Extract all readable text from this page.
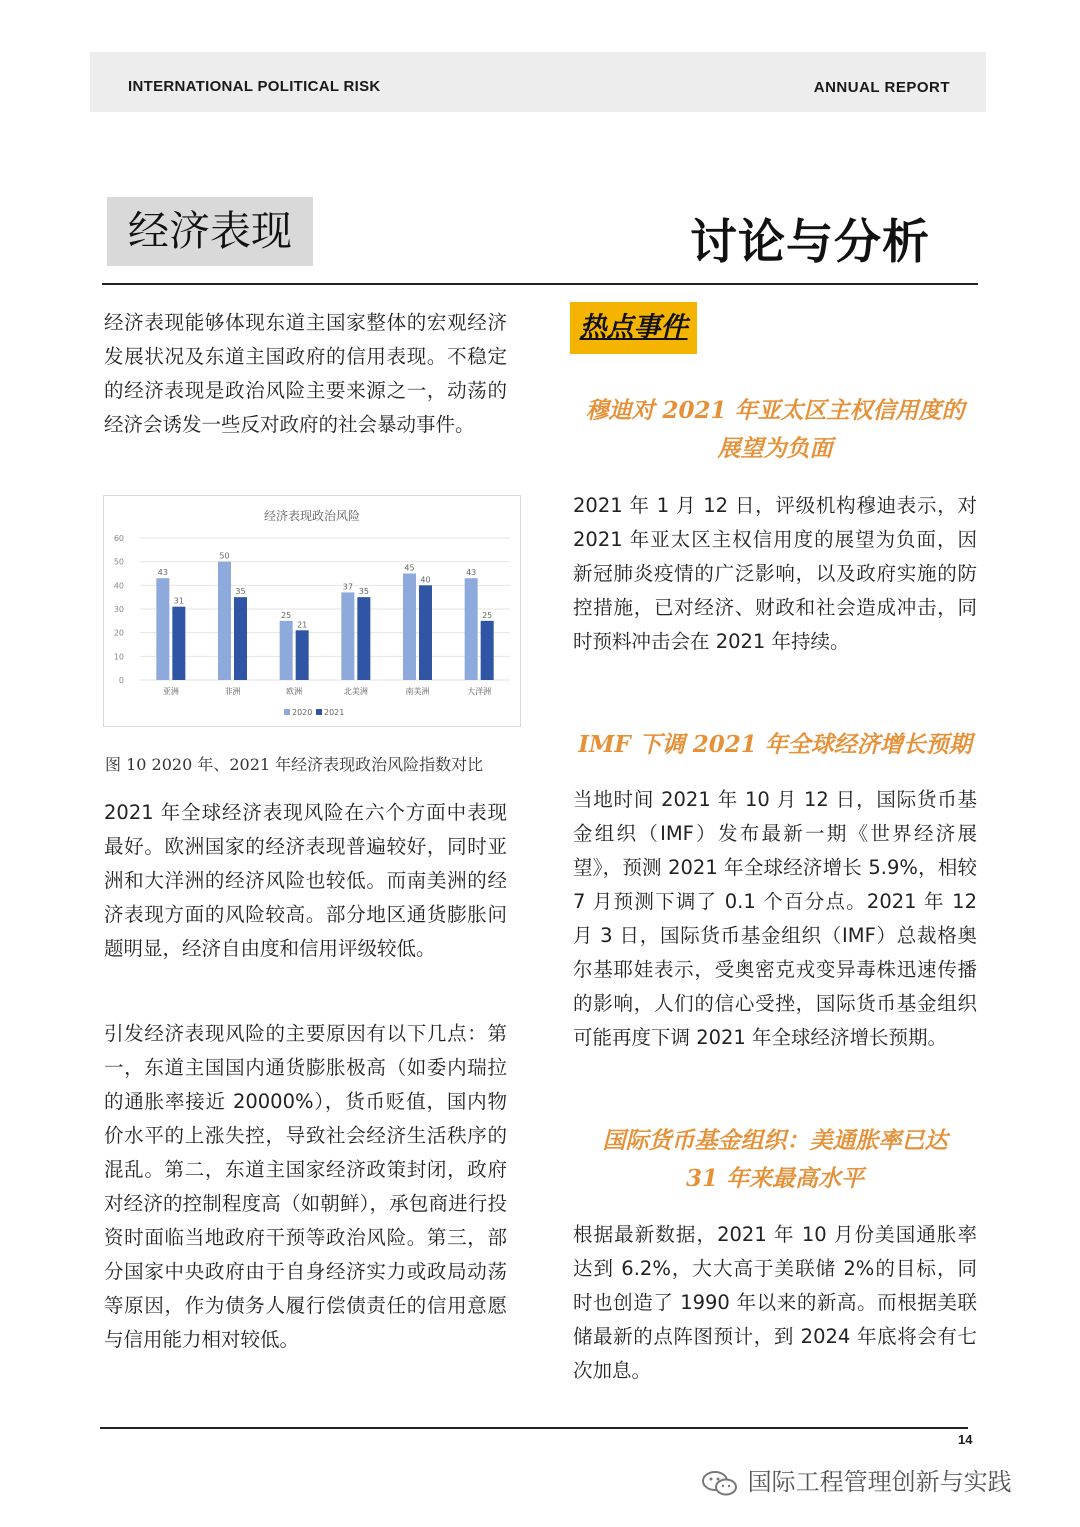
INTERNATIONAL POLITICAL RISK	ANNUAL REPORT
经济表现	讨论与分析
经济表现能够体现东道主国家整体的宏观经济发展状况及东道主国政府的信用表现。不稳定的经济表现是政治风险主要来源之一，动荡的经济会诱发一些反对政府的社会暴动事件。
经济表现政治风险
0
10
20
30
40
50
60
43
31
亚洲
50
35
非洲
25
21
欧洲
37
35
北美洲
45
40
南美洲
43
25
大洋洲
2020 2021
图 10 2020 年、2021 年经济表现政治风险指数对比
2021 年全球经济表现风险在六个方面中表现最好。欧洲国家的经济表现普遍较好，同时亚洲和大洋洲的经济风险也较低。而南美洲的经济表现方面的风险较高。部分地区通货膨胀问题明显，经济自由度和信用评级较低。
引发经济表现风险的主要原因有以下几点：第一，东道主国国内通货膨胀极高（如委内瑞拉的通胀率接近 20000%），货币贬值，国内物价水平的上涨失控，导致社会经济生活秩序的混乱。第二，东道主国家经济政策封闭，政府对经济的控制程度高（如朝鲜），承包商进行投资时面临当地政府干预等政治风险。第三，部分国家中央政府由于自身经济实力或政局动荡等原因，作为债务人履行偿债责任的信用意愿与信用能力相对较低。
热点事件
穆迪对 2021 年亚太区主权信用度的
展望为负面
2021 年 1 月 12 日，评级机构穆迪表示，对 2021 年亚太区主权信用度的展望为负面，因新冠肺炎疫情的广泛影响，以及政府实施的防控措施，已对经济、财政和社会造成冲击，同时预料冲击会在 2021 年持续。
IMF 下调 2021 年全球经济增长预期
当地时间 2021 年 10 月 12 日，国际货币基金组织（IMF）发布最新一期《世界经济展望》，预测 2021 年全球经济增长 5.9%，相较 7 月预测下调了 0.1 个百分点。2021 年 12 月 3 日，国际货币基金组织（IMF）总裁格奥尔基耶娃表示，受奥密克戎变异毒株迅速传播的影响，人们的信心受挫，国际货币基金组织可能再度下调 2021 年全球经济增长预期。
国际货币基金组织：美通胀率已达
31 年来最高水平
根据最新数据，2021 年 10 月份美国通胀率达到 6.2%，大大高于美联储 2%的目标，同时也创造了 1990 年以来的新高。而根据美联储最新的点阵图预计，到 2024 年底将会有七次加息。
14
国际工程管理创新与实践
